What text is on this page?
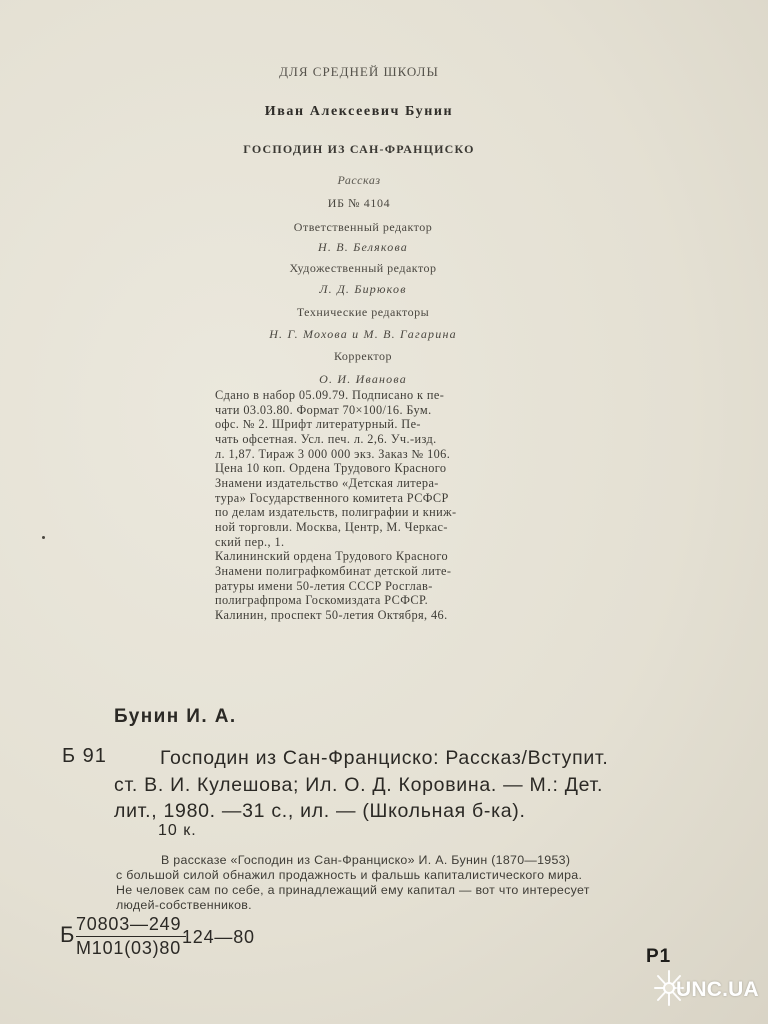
ДЛЯ СРЕДНЕЙ ШКОЛЫ
Иван Алексеевич Бунин
ГОСПОДИН ИЗ САН-ФРАНЦИСКО
Рассказ
ИБ № 4104
Ответственный редактор
Н. В. Белякова
Художественный редактор
Л. Д. Бирюков
Технические редакторы
Н. Г. Мохова и М. В. Гагарина
Корректор
О. И. Иванова
Сдано в набор 05.09.79. Подписано к пе-
чати 03.03.80. Формат 70×100/16. Бум.
офс. № 2. Шрифт литературный. Пе-
чать офсетная. Усл. печ. л. 2,6. Уч.-изд.
л. 1,87. Тираж 3 000 000 экз. Заказ № 106.
Цена 10 коп. Ордена Трудового Красного
Знамени издательство «Детская литера-
тура» Государственного комитета РСФСР
по делам издательств, полиграфии и книж-
ной торговли. Москва, Центр, М. Черкас-
ский пер., 1.
Калининский ордена Трудового Красного
Знамени полиграфкомбинат детской лите-
ратуры имени 50-летия СССР Росглав-
полиграфпрома Госкомиздата РСФСР.
Калинин, проспект 50-летия Октября, 46.
Бунин И. А.
Б 91	Господин из Сан-Франциско: Рассказ/Вступит.
ст. В. И. Кулешова; Ил. О. Д. Коровина. — М.: Дет.
лит., 1980. —31 с., ил. — (Школьная б-ка).
10 к.
В рассказе «Господин из Сан-Франциско» И. А. Бунин (1870—1953)
с большой силой обнажил продажность и фальшь капиталистического мира.
Не человек сам по себе, а принадлежащий ему капитал — вот что интересует
людей-собственников.
Б 70803—249
М101(03)80
124—80
Р1
UNC.UA
